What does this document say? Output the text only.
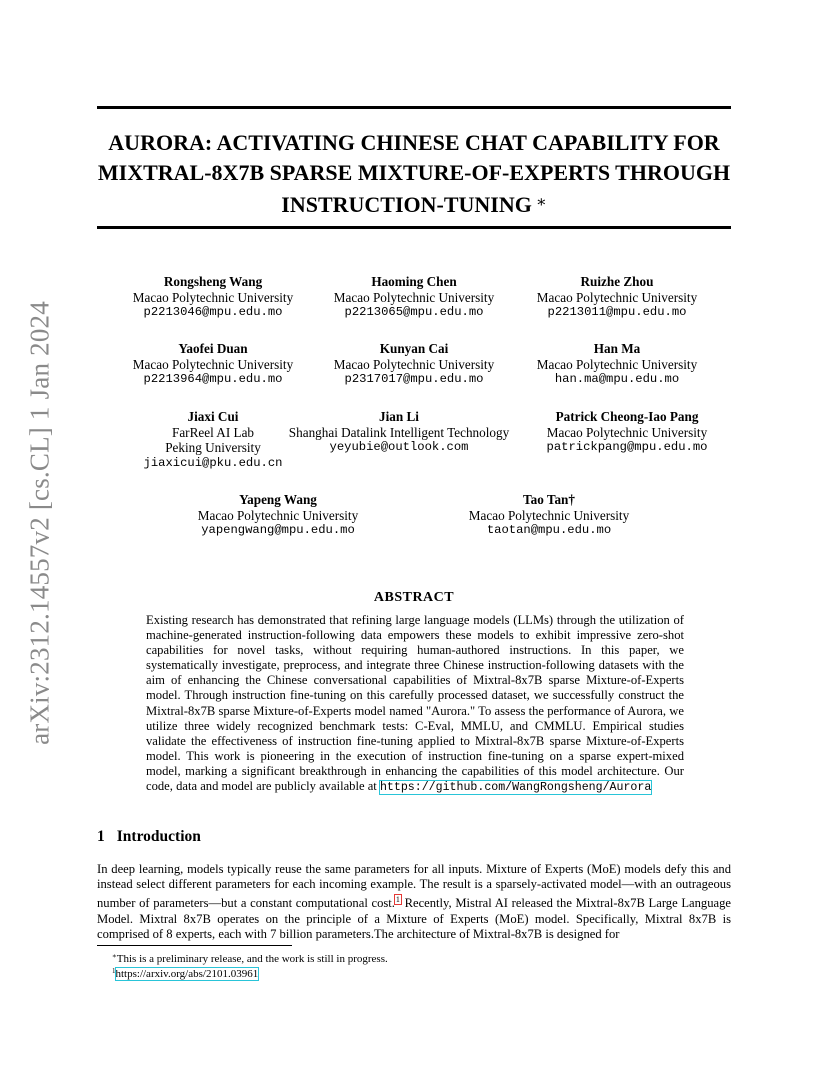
arXiv:2312.14557v2 [cs.CL] 1 Jan 2024
AURORA: ACTIVATING CHINESE CHAT CAPABILITY FOR
MIXTRAL-8X7B SPARSE MIXTURE-OF-EXPERTS THROUGH
INSTRUCTION-TUNING ∗
Rongsheng Wang
Macao Polytechnic University
p2213046@mpu.edu.mo
Haoming Chen
Macao Polytechnic University
p2213065@mpu.edu.mo
Ruizhe Zhou
Macao Polytechnic University
p2213011@mpu.edu.mo
Yaofei Duan
Macao Polytechnic University
p2213964@mpu.edu.mo
Kunyan Cai
Macao Polytechnic University
p2317017@mpu.edu.mo
Han Ma
Macao Polytechnic University
han.ma@mpu.edu.mo
Jiaxi Cui
FarReel AI Lab
Peking University
jiaxicui@pku.edu.cn
Jian Li
Shanghai Datalink Intelligent Technology
yeyubie@outlook.com
Patrick Cheong-Iao Pang
Macao Polytechnic University
patrickpang@mpu.edu.mo
Yapeng Wang
Macao Polytechnic University
yapengwang@mpu.edu.mo
Tao Tan†
Macao Polytechnic University
taotan@mpu.edu.mo
ABSTRACT
Existing research has demonstrated that refining large language models (LLMs) through the utilization of machine-generated instruction-following data empowers these models to exhibit impressive zero-shot capabilities for novel tasks, without requiring human-authored instructions. In this paper, we systematically investigate, preprocess, and integrate three Chinese instruction-following datasets with the aim of enhancing the Chinese conversational capabilities of Mixtral-8x7B sparse Mixture-of-Experts model. Through instruction fine-tuning on this carefully processed dataset, we successfully construct the Mixtral-8x7B sparse Mixture-of-Experts model named "Aurora." To assess the performance of Aurora, we utilize three widely recognized benchmark tests: C-Eval, MMLU, and CMMLU. Empirical studies validate the effectiveness of instruction fine-tuning applied to Mixtral-8x7B sparse Mixture-of-Experts model. This work is pioneering in the execution of instruction fine-tuning on a sparse expert-mixed model, marking a significant breakthrough in enhancing the capabilities of this model architecture. Our code, data and model are publicly available at https://github.com/WangRongsheng/Aurora
1 Introduction
In deep learning, models typically reuse the same parameters for all inputs. Mixture of Experts (MoE) models defy this and instead select different parameters for each incoming example. The result is a sparsely-activated model—with an outrageous number of parameters—but a constant computational cost.$^1$ Recently, Mistral AI released the Mixtral-8x7B Large Language Model. Mixtral 8x7B operates on the principle of a Mixture of Experts (MoE) model. Specifically, Mixtral 8x7B is comprised of 8 experts, each with 7 billion parameters.The architecture of Mixtral-8x7B is designed for
∗This is a preliminary release, and the work is still in progress.
$^1$https://arxiv.org/abs/2101.03961
